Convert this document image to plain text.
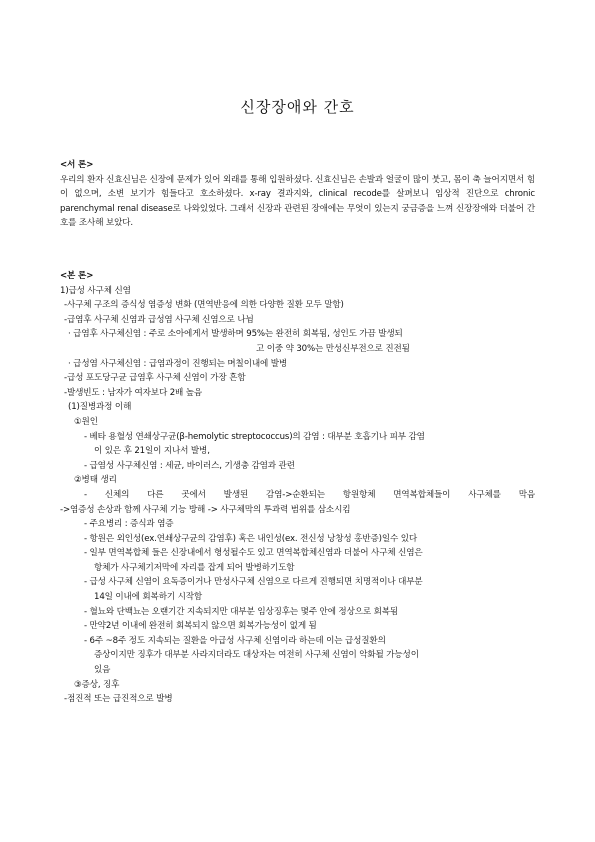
신장장애와 간호
<서 론>
우리의 환자 신효신님은 신장에 문제가 있어 외래를 통해 입원하셨다. 신효신님은 손발과 얼굴이 많이 붓고, 몸이 축 늘어지면서 힘이 없으며, 소변 보기가 힘들다고 호소하셨다. x-ray 결과지와, clinical recode를 살펴보니 임상적 진단으로 chronic parenchymal renal disease로 나와있었다. 그래서 신장과 관련된 장애에는 무엇이 있는지 궁금증을 느껴 신장장애와 더불어 간호를 조사해 보았다.
<본 론>
1)급성 사구체 신염
-사구체 구조의 증식성 염증성 변화 (면역반응에 의한 다양한 질환 모두 말함)
-급염후 사구체 신염과 급성염 사구체 신염으로 나뉨
· 급염후 사구체신염 : 주로 소아에게서 발생하며 95%는 완전히 회복됨, 성인도 가끔 발생되
고 이중 약 30%는 만성신부전으로 진전됨
· 급성염 사구체신염 : 급염과정이 진행되는 며칠이내에 발병
-급성 포도당구균 급염후 사구체 신염이 가장 흔함
-발생빈도 : 남자가 여자보다 2배 높음
(1)질병과정 이해
①원인
- 베타 용혈성 연쇄상구균(β-hemolytic streptococcus)의 감염 : 대부분 호흡기나 피부 감염
이 있은 후 21일이 지나서 발병,
- 급염성 사구체신염 : 세균, 바이러스, 기생충 감염과 관련
②병태 생리
- 신체의 다른 곳에서 발생된 감염->순환되는 항원항체 면역복합체들이 사구체를 막음
->염증성 손상과 함께 사구체 기능 방해 -> 사구체막의 투과력 범위를 삼소시킴
- 주요병리 : 증식과 염증
- 항원은 외인성(ex.연쇄상구균의 감염후) 혹은 내인성(ex. 전신성 낭창성 홍반증)일수 있다
- 일부 면역복합체 들은 신장내에서 형성될수도 있고 면역복합체신염과 더불어 사구체 신염은
항체가 사구체기저막에 자리를 잡게 되어 발병하기도함
- 급성 사구체 신염이 요독증이거나 만성사구체 신염으로 다르게 진행되면 치명적이나 대부분
14일 이내에 회복하기 시작함
- 혈뇨와 단백뇨는 오랜기간 지속되지만 대부분 임상징후는 몇주 안에 정상으로 회복됨
- 만약2년 이내에 완전히 회복되지 않으면 회복가능성이 없게 됨
- 6주 ~8주 정도 지속되는 질환을 아급성 사구체 신염이라 하는데 이는 급성질환의
증상이지만 징후가 대부분 사라지더라도 대상자는 여전히 사구체 신염이 악화될 가능성이
있음
③증상, 징후
-점진적 또는 급진적으로 발병
